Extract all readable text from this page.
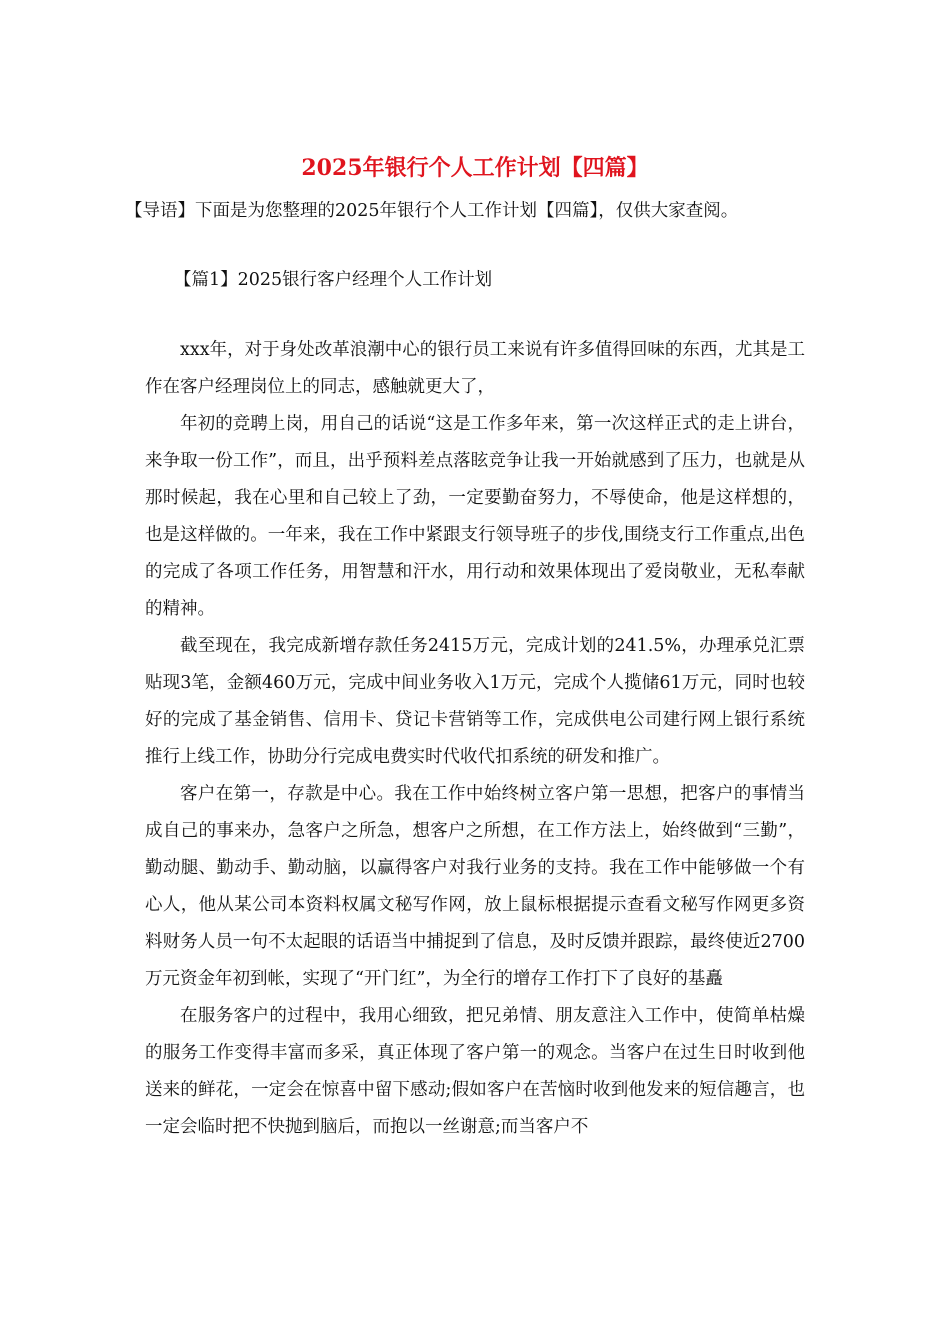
2025年银行个人工作计划【四篇】
【导语】下面是为您整理的2025年银行个人工作计划【四篇】，仅供大家查阅。
【篇1】2025银行客户经理个人工作计划

xxx年，对于身处改革浪潮中心的银行员工来说有许多值得回味的东西，尤其是工作在客户经理岗位上的同志，感触就更大了，

年初的竞聘上岗，用自己的话说“这是工作多年来，第一次这样正式的走上讲台，来争取一份工作”，而且，出乎预料差点落眩竞争让我一开始就感到了压力，也就是从那时候起，我在心里和自己较上了劲，一定要勤奋努力，不辱使命，他是这样想的，也是这样做的。一年来，我在工作中紧跟支行领导班子的步伐,围绕支行工作重点,出色的完成了各项工作任务，用智慧和汗水，用行动和效果体现出了爱岗敬业，无私奉献的精神。

截至现在，我完成新增存款任务2415万元，完成计划的241.5%，办理承兑汇票贴现3笔，金额460万元，完成中间业务收入1万元，完成个人揽储61万元，同时也较好的完成了基金销售、信用卡、贷记卡营销等工作，完成供电公司建行网上银行系统推行上线工作，协助分行完成电费实时代收代扣系统的研发和推广。

客户在第一，存款是中心。我在工作中始终树立客户第一思想，把客户的事情当成自己的事来办，急客户之所急，想客户之所想，在工作方法上，始终做到“三勤”，勤动腿、勤动手、勤动脑，以赢得客户对我行业务的支持。我在工作中能够做一个有心人，他从某公司本资料权属文秘写作网，放上鼠标根据提示查看文秘写作网更多资料财务人员一句不太起眼的话语当中捕捉到了信息，及时反馈并跟踪，最终使近2700万元资金年初到帐，实现了“开门红”，为全行的增存工作打下了良好的基矗

在服务客户的过程中，我用心细致，把兄弟情、朋友意注入工作中，使简单枯燥的服务工作变得丰富而多采，真正体现了客户第一的观念。当客户在过生日时收到他送来的鲜花，一定会在惊喜中留下感动;假如客户在苦恼时收到他发来的短信趣言，也一定会临时把不快抛到脑后，而抱以一丝谢意;而当客户不
